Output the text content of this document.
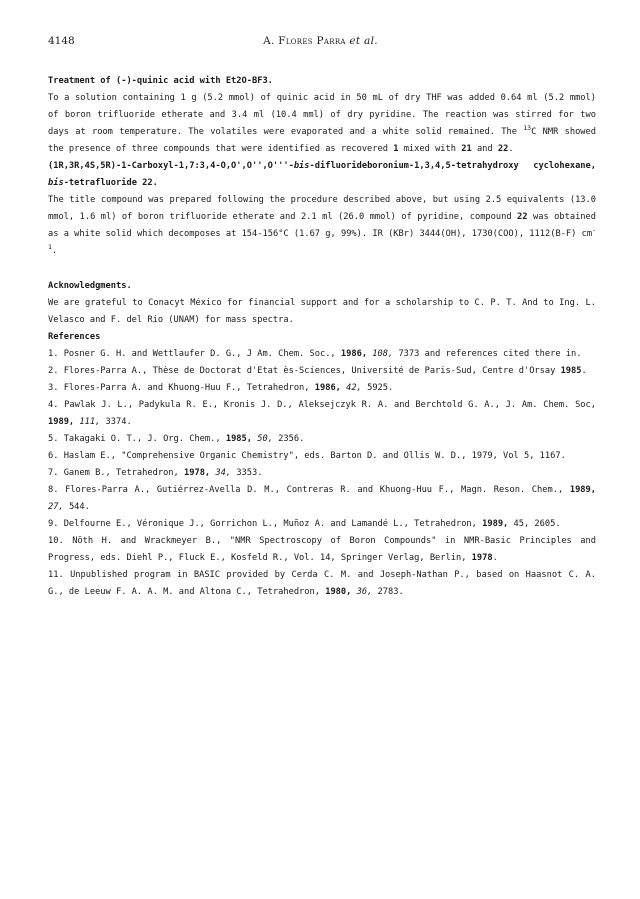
4148	A. Flores Parra et al.

Treatment of (-)-quinic acid with Et2O-BF3.

To a solution containing 1 g (5.2 mmol) of quinic acid in 50 mL of dry THF was added 0.64 ml (5.2 mmol) of boron trifluoride etherate and 3.4 ml (10.4 mml) of dry pyridine. The reaction was stirred for two days at room temperature. The volatiles were evaporated and a white solid remained. The $^{13}$C NMR showed the presence of three compounds that were identified as recovered 1 mixed with 21 and 22.

(1R,3R,4S,5R)-1-Carboxyl-1,7:3,4-O,O',O'',O'''-bis-difluorideboronium-1,3,4,5-tetrahydroxy cyclohexane, bis-tetrafluoride 22.

The title compound was prepared following the procedure described above, but using 2.5 equivalents (13.0 mmol, 1.6 ml) of boron trifluoride etherate and 2.1 ml (26.0 mmol) of pyridine, compound 22 was obtained as a white solid which decomposes at 154-156°C (1.67 g, 99%). IR (KBr) 3444(OH), 1730(COO), 1112(B-F) $cm^{-1}$.

Acknowledgments.

We are grateful to Conacyt México for financial support and for a scholarship to C. P. T. And to Ing. L. Velasco and F. del Rio (UNAM) for mass spectra.

References

1. Posner G. H. and Wettlaufer D. G., J Am. Chem. Soc., 1986, 108, 7373 and references cited there in.

2. Flores-Parra A., Thèse de Doctorat d'Etat ès-Sciences, Université de Paris-Sud, Centre d'Orsay 1985.

3. Flores-Parra A. and Khuong-Huu F., Tetrahedron, 1986, 42, 5925.

4. Pawlak J. L., Padykula R. E., Kronis J. D., Aleksejczyk R. A. and Berchtold G. A., J. Am. Chem. Soc, 1989, 111, 3374.

5. Takagaki O. T., J. Org. Chem., 1985, 50, 2356.

6. Haslam E., "Comprehensive Organic Chemistry", eds. Barton D. and Ollis W. D., 1979, Vol 5, 1167.

7. Ganem B., Tetrahedron, 1978, 34, 3353.

8. Flores-Parra A., Gutiérrez-Avella D. M., Contreras R. and Khuong-Huu F., Magn. Reson. Chem., 1989, 27, 544.

9. Delfourne E., Véronique J., Gorrichon L., Muñoz A. and Lamandé L., Tetrahedron, 1989, 45, 2605.

10. Nöth H. and Wrackmeyer B., "NMR Spectroscopy of Boron Compounds" in NMR-Basic Principles and Progress, eds. Diehl P., Fluck E., Kosfeld R., Vol. 14, Springer Verlag, Berlin, 1978.

11. Unpublished program in BASIC provided by Cerda C. M. and Joseph-Nathan P., based on Haasnot C. A. G., de Leeuw F. A. A. M. and Altona C., Tetrahedron, 1980, 36, 2783.
